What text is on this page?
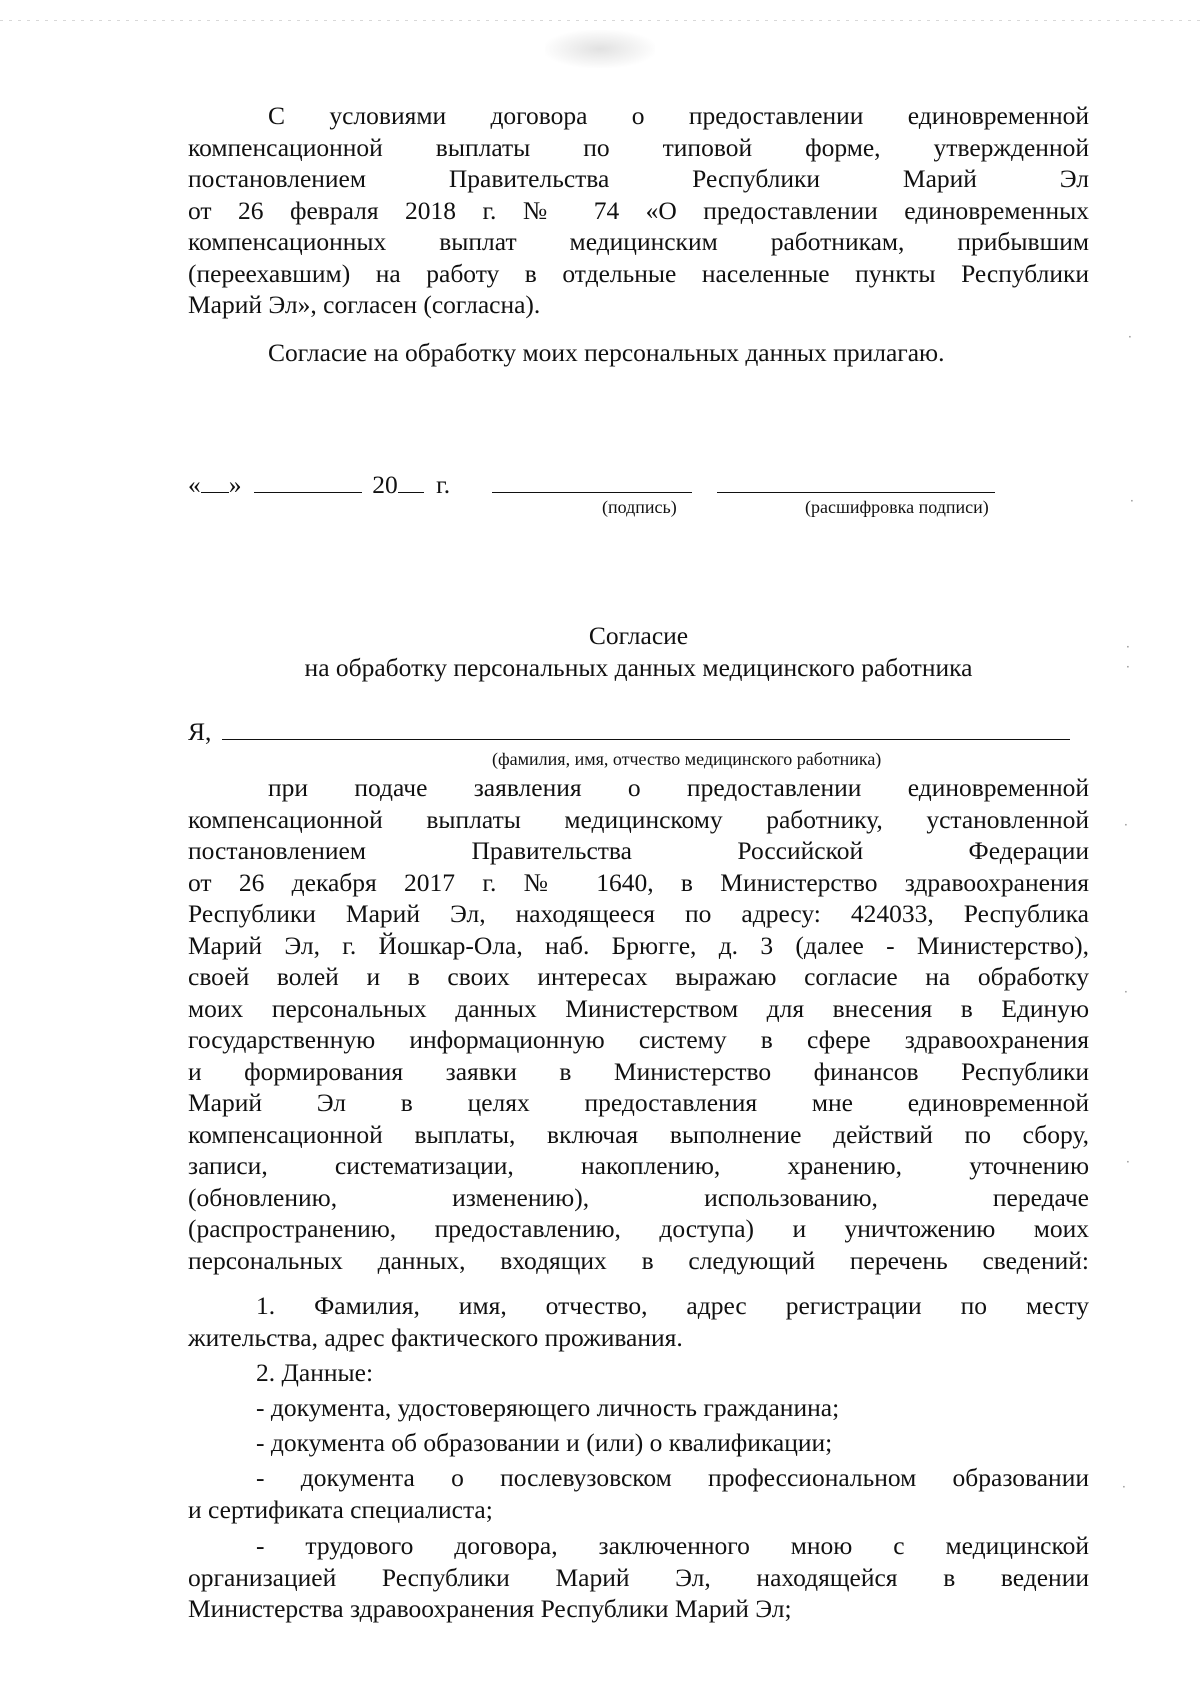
С условиями договора о предоставлении единовременной
компенсационной выплаты по типовой форме, утвержденной
постановлением Правительства Республики Марий Эл
от 26 февраля 2018 г. № 74 «О предоставлении единовременных
компенсационных выплат медицинским работникам, прибывшим
(переехавшим) на работу в отдельные населенные пункты Республики
Марий Эл», согласен (согласна).
Согласие на обработку моих персональных данных прилагаю.
« »	20 г.
(подпись)	(расшифровка подписи)
Согласие
на обработку персональных данных медицинского работника
Я,
(фамилия, имя, отчество медицинского работника)
при подаче заявления о предоставлении единовременной
компенсационной выплаты медицинскому работнику, установленной
постановлением Правительства Российской Федерации
от 26 декабря 2017 г. № 1640, в Министерство здравоохранения
Республики Марий Эл, находящееся по адресу: 424033, Республика
Марий Эл, г. Йошкар-Ола, наб. Брюгге, д. 3 (далее - Министерство),
своей волей и в своих интересах выражаю согласие на обработку
моих персональных данных Министерством для внесения в Единую
государственную информационную систему в сфере здравоохранения
и формирования заявки в Министерство финансов Республики
Марий Эл в целях предоставления мне единовременной
компенсационной выплаты, включая выполнение действий по сбору,
записи, систематизации, накоплению, хранению, уточнению
(обновлению, изменению), использованию, передаче
(распространению, предоставлению, доступа) и уничтожению моих
персональных данных, входящих в следующий перечень сведений:
1. Фамилия, имя, отчество, адрес регистрации по месту
жительства, адрес фактического проживания.
2. Данные:
- документа, удостоверяющего личность гражданина;
- документа об образовании и (или) о квалификации;
- документа о послевузовском профессиональном образовании
и сертификата специалиста;
- трудового договора, заключенного мною с медицинской
организацией Республики Марий Эл, находящейся в ведении
Министерства здравоохранения Республики Марий Эл;
·
·
·
·
·
·
·
·
